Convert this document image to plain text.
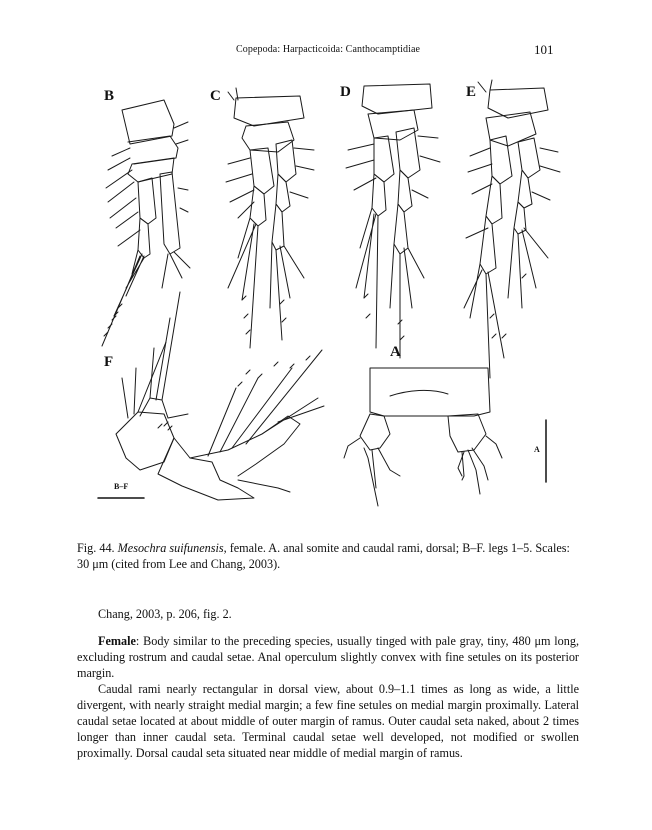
Copepoda: Harpacticoida: Canthocamptidiae	101
B	C	D	E
F
A
B–F
A
Fig. 44. Mesochra suifunensis, female. A. anal somite and caudal rami, dorsal; B–F. legs 1–5. Scales: 30 μm (cited from Lee and Chang, 2003).
Chang, 2003, p. 206, fig. 2.

Female: Body similar to the preceding species, usually tinged with pale gray, tiny, 480 μm long, excluding rostrum and caudal setae. Anal operculum slightly convex with fine setules on its posterior margin.

Caudal rami nearly rectangular in dorsal view, about 0.9–1.1 times as long as wide, a little divergent, with nearly straight medial margin; a few fine setules on medial margin proximally. Lateral caudal setae located at about middle of outer margin of ramus. Outer caudal seta naked, about 2 times longer than inner caudal seta. Terminal caudal setae well developed, not modified or swollen proximally. Dorsal caudal seta situated near middle of medial margin of ramus.
